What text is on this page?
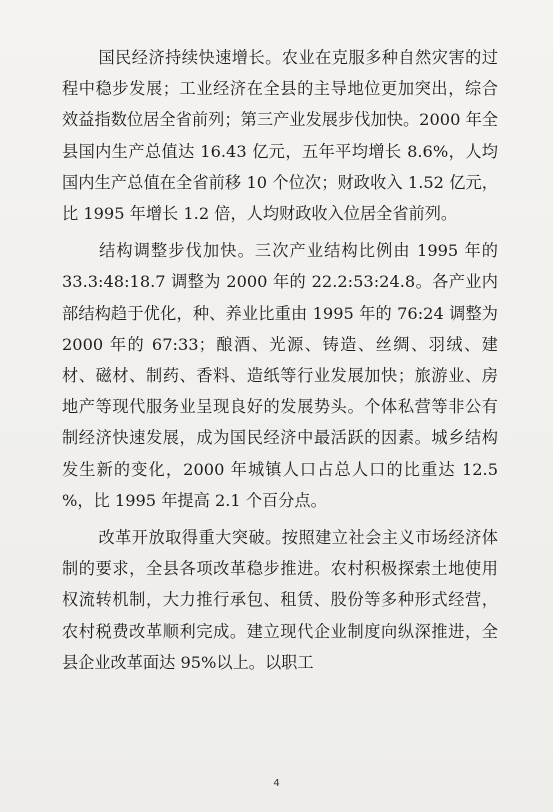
国民经济持续快速增长。农业在克服多种自然灾害的过程中稳步发展；工业经济在全县的主导地位更加突出，综合效益指数位居全省前列；第三产业发展步伐加快。2000 年全县国内生产总值达 16.43 亿元，五年平均增长 8.6%，人均国内生产总值在全省前移 10 个位次；财政收入 1.52 亿元，比 1995 年增长 1.2 倍，人均财政收入位居全省前列。

结构调整步伐加快。三次产业结构比例由 1995 年的 33.3:48:18.7 调整为 2000 年的 22.2:53:24.8。各产业内部结构趋于优化，种、养业比重由 1995 年的 76:24 调整为 2000 年的 67:33；酿酒、光源、铸造、丝绸、羽绒、建材、磁材、制药、香料、造纸等行业发展加快；旅游业、房地产等现代服务业呈现良好的发展势头。个体私营等非公有制经济快速发展，成为国民经济中最活跃的因素。城乡结构发生新的变化，2000 年城镇人口占总人口的比重达 12.5 %，比 1995 年提高 2.1 个百分点。

改革开放取得重大突破。按照建立社会主义市场经济体制的要求，全县各项改革稳步推进。农村积极探索土地使用权流转机制，大力推行承包、租赁、股份等多种形式经营，农村税费改革顺利完成。建立现代企业制度向纵深推进，全县企业改革面达 95%以上。以职工

4
